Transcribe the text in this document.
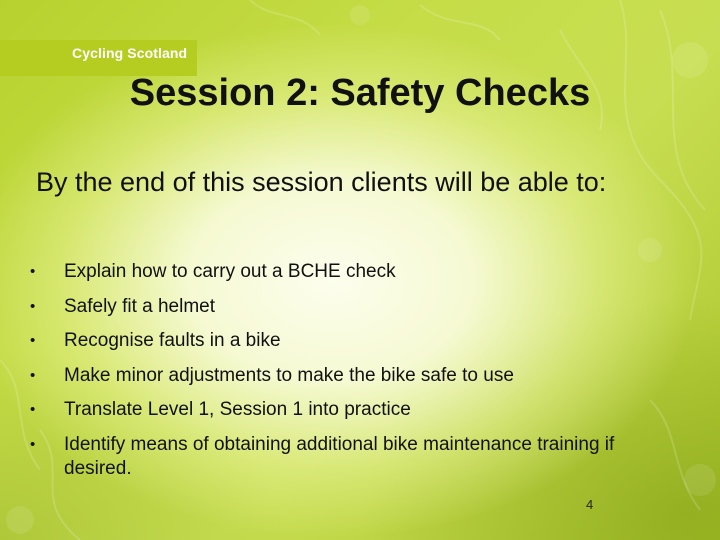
Cycling Scotland
Session 2: Safety Checks

By the end of this session clients will be able to:

• Explain how to carry out a BCHE check
• Safely fit a helmet
• Recognise faults in a bike
• Make minor adjustments to make the bike safe to use
• Translate Level 1, Session 1 into practice
• Identify means of obtaining additional bike maintenance training if desired.
4
